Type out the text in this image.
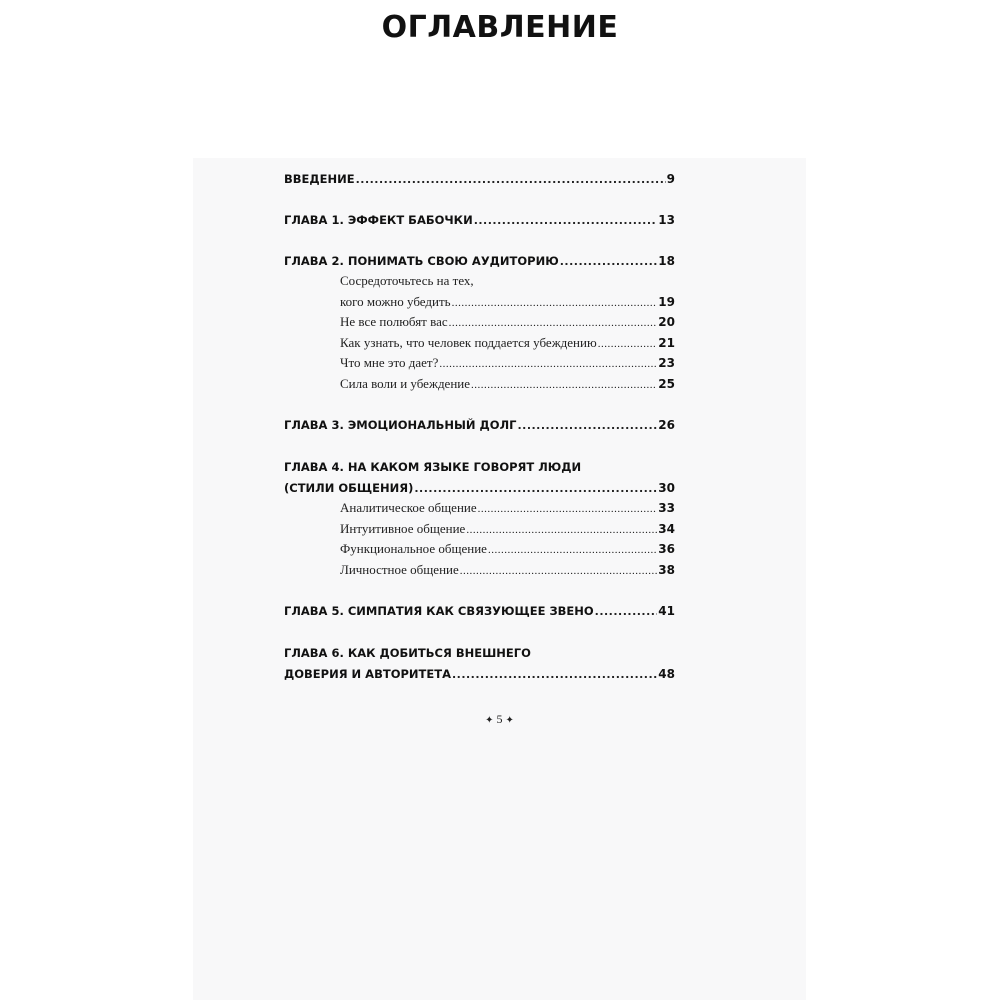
ОГЛАВЛЕНИЕ
ВВЕДЕНИЕ .....	9
ГЛАВА 1. ЭФФЕКТ БАБОЧКИ .....	13
ГЛАВА 2. ПОНИМАТЬ СВОЮ АУДИТОРИЮ .....	18
Сосредоточьтесь на тех,
кого можно убедить .....	19
Не все полюбят вас .....	20
Как узнать, что человек поддается убеждению .....	21
Что мне это дает? .....	23
Сила воли и убеждение .....	25
ГЛАВА 3. ЭМОЦИОНАЛЬНЫЙ ДОЛГ .....	26
ГЛАВА 4. НА КАКОМ ЯЗЫКЕ ГОВОРЯТ ЛЮДИ
(СТИЛИ ОБЩЕНИЯ) .....	30
Аналитическое общение .....	33
Интуитивное общение .....	34
Функциональное общение .....	36
Личностное общение .....	38
ГЛАВА 5. СИМПАТИЯ КАК СВЯЗУЮЩЕЕ ЗВЕНО .....	41
ГЛАВА 6. КАК ДОБИТЬСЯ ВНЕШНЕГО
ДОВЕРИЯ И АВТОРИТЕТА .....	48
✦ 5 ✦
